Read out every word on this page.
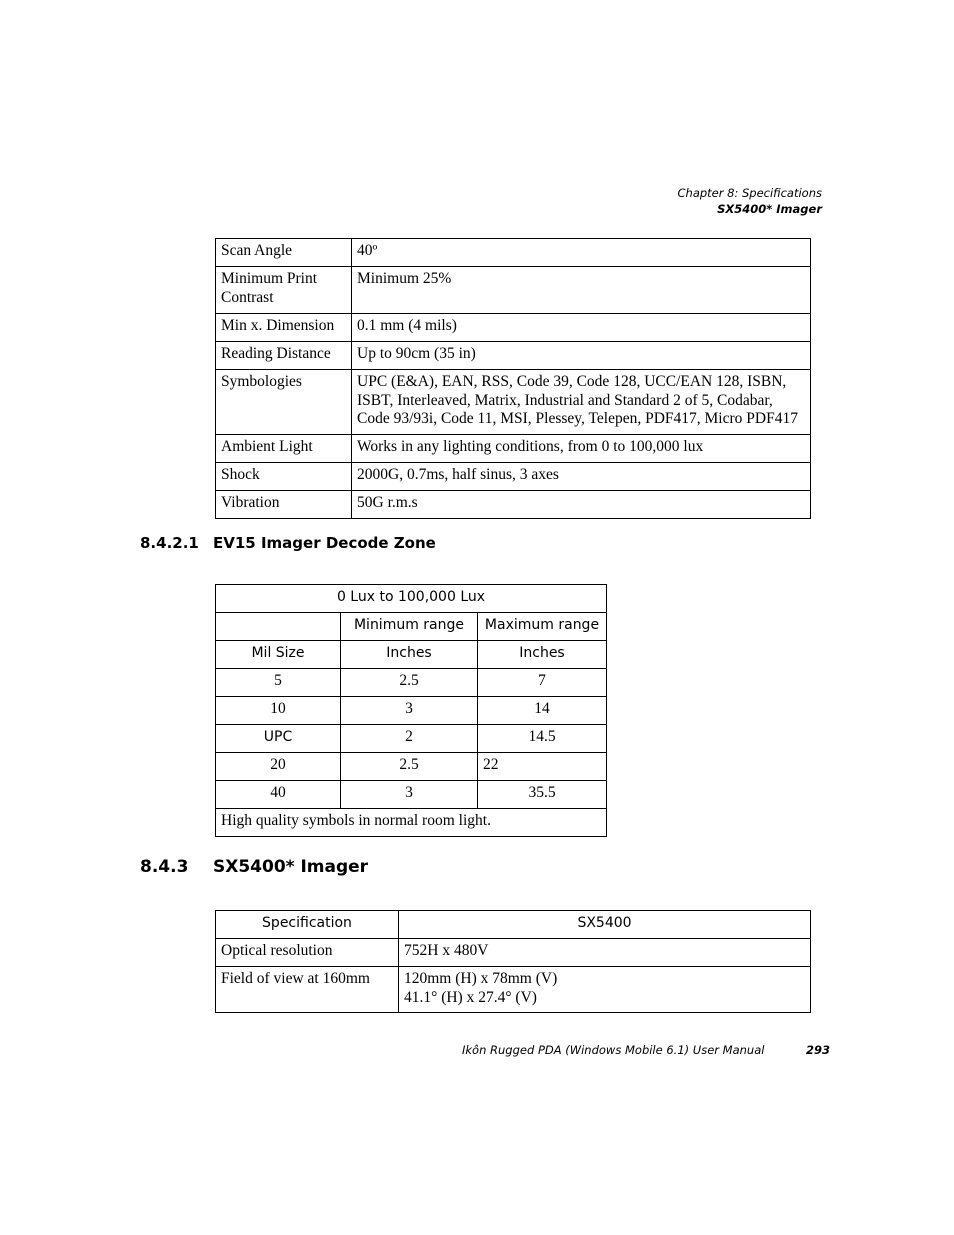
Chapter 8: Specifications
SX5400* Imager
Scan Angle	40º
Minimum Print Contrast	Minimum 25%
Min x. Dimension	0.1 mm (4 mils)
Reading Distance	Up to 90cm (35 in)
Symbologies	UPC (E&A), EAN, RSS, Code 39, Code 128, UCC/EAN 128, ISBN, ISBT, Interleaved, Matrix, Industrial and Standard 2 of 5, Codabar, Code 93/93i, Code 11, MSI, Plessey, Telepen, PDF417, Micro PDF417
Ambient Light	Works in any lighting conditions, from 0 to 100,000 lux
Shock	2000G, 0.7ms, half sinus, 3 axes
Vibration	50G r.m.s
8.4.2.1 EV15 Imager Decode Zone
0 Lux to 100,000 Lux		
	Minimum range	Maximum range
Mil Size	Inches	Inches
5	2.5	7
10	3	14
UPC	2	14.5
20	2.5	22
40	3	35.5
High quality symbols in normal room light.		
8.4.3 SX5400* Imager
Specification	SX5400
Optical resolution	752H x 480V
Field of view at 160mm	120mm (H) x 78mm (V)
41.1° (H) x 27.4° (V)
Ikôn Rugged PDA (Windows Mobile 6.1) User Manual	293
